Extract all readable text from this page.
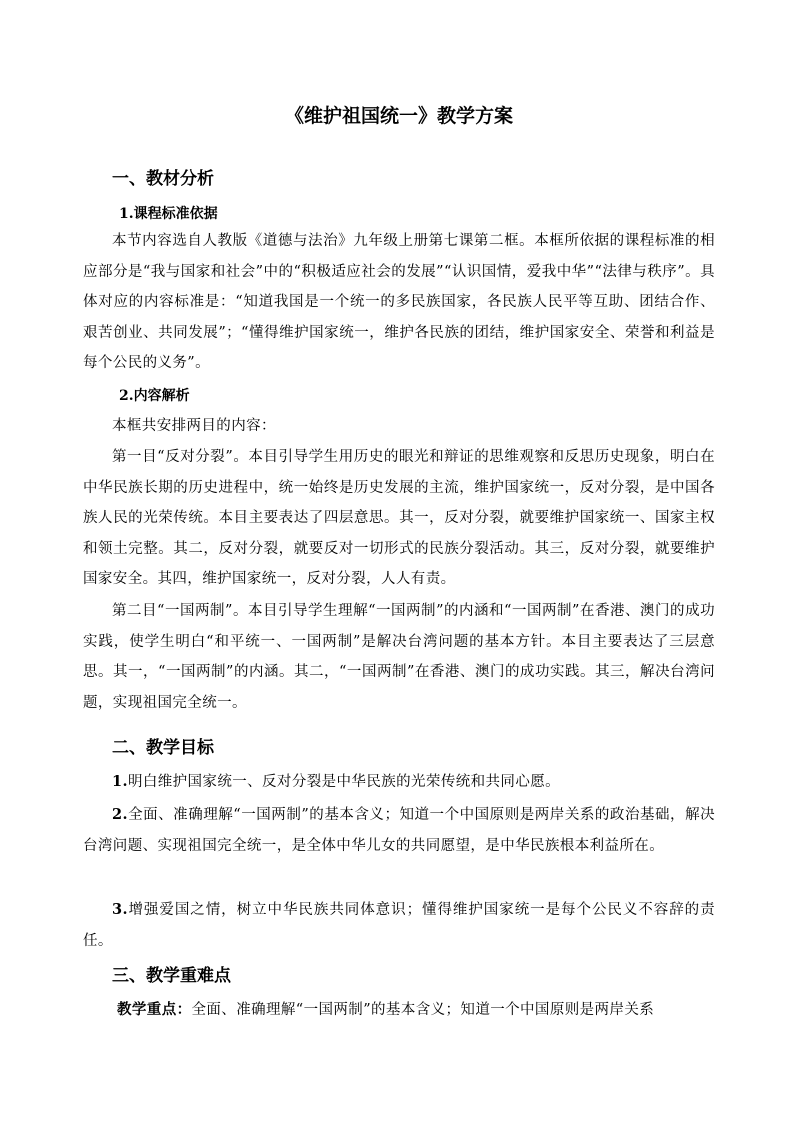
《维护祖国统一》教学方案
一、教材分析
1.课程标准依据
本节内容选自人教版《道德与法治》九年级上册第七课第二框。本框所依据的课程标准的相应部分是“我与国家和社会”中的“积极适应社会的发展”“认识国情，爱我中华”“法律与秩序”。具体对应的内容标准是：“知道我国是一个统一的多民族国家，各民族人民平等互助、团结合作、艰苦创业、共同发展”；“懂得维护国家统一，维护各民族的团结，维护国家安全、荣誉和利益是每个公民的义务”。
2.内容解析
本框共安排两目的内容：
第一目“反对分裂”。本目引导学生用历史的眼光和辩证的思维观察和反思历史现象，明白在中华民族长期的历史进程中，统一始终是历史发展的主流，维护国家统一，反对分裂，是中国各族人民的光荣传统。本目主要表达了四层意思。其一，反对分裂，就要维护国家统一、国家主权和领土完整。其二，反对分裂，就要反对一切形式的民族分裂活动。其三，反对分裂，就要维护国家安全。其四，维护国家统一，反对分裂，人人有责。
第二目“一国两制”。本目引导学生理解“一国两制”的内涵和“一国两制”在香港、澳门的成功实践，使学生明白“和平统一、一国两制”是解决台湾问题的基本方针。本目主要表达了三层意思。其一，“一国两制”的内涵。其二，“一国两制”在香港、澳门的成功实践。其三，解决台湾问题，实现祖国完全统一。
二、教学目标
1.明白维护国家统一、反对分裂是中华民族的光荣传统和共同心愿。
2.全面、准确理解“一国两制”的基本含义；知道一个中国原则是两岸关系的政治基础，解决台湾问题、实现祖国完全统一，是全体中华儿女的共同愿望，是中华民族根本利益所在。
3.增强爱国之情，树立中华民族共同体意识；懂得维护国家统一是每个公民义不容辞的责任。
三、教学重难点
教学重点：全面、准确理解“一国两制”的基本含义；知道一个中国原则是两岸关系
